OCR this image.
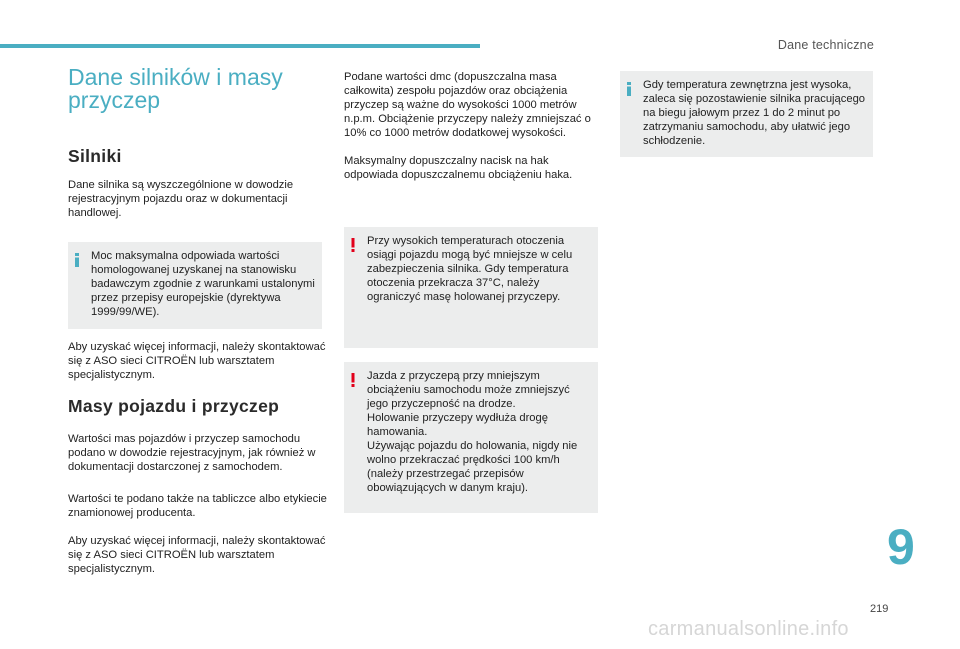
Dane techniczne
Dane silników i masy przyczep
Silniki

Dane silnika są wyszczególnione w dowodzie rejestracyjnym pojazdu oraz w dokumentacji handlowej.

Moc maksymalna odpowiada wartości homologowanej uzyskanej na stanowisku badawczym zgodnie z warunkami ustalonymi przez przepisy europejskie (dyrektywa 1999/99/WE).

Aby uzyskać więcej informacji, należy skontaktować się z ASO sieci CITROËN lub warsztatem specjalistycznym.

Masy pojazdu i przyczep

Wartości mas pojazdów i przyczep samochodu podano w dowodzie rejestracyjnym, jak również w dokumentacji dostarczonej z samochodem.

Wartości te podano także na tabliczce albo etykiecie znamionowej producenta.

Aby uzyskać więcej informacji, należy skontaktować się z ASO sieci CITROËN lub warsztatem specjalistycznym.

Podane wartości dmc (dopuszczalna masa całkowita) zespołu pojazdów oraz obciążenia przyczep są ważne do wysokości 1000 metrów n.p.m. Obciążenie przyczepy należy zmniejszać o 10% co 1000 metrów dodatkowej wysokości.

Maksymalny dopuszczalny nacisk na hak odpowiada dopuszczalnemu obciążeniu haka.

Przy wysokich temperaturach otoczenia osiągi pojazdu mogą być mniejsze w celu zabezpieczenia silnika. Gdy temperatura otoczenia przekracza 37°C, należy ograniczyć masę holowanej przyczepy.

Jazda z przyczepą przy mniejszym obciążeniu samochodu może zmniejszyć jego przyczepność na drodze.
Holowanie przyczepy wydłuża drogę hamowania.
Używając pojazdu do holowania, nigdy nie wolno przekraczać prędkości 100 km/h (należy przestrzegać przepisów obowiązujących w danym kraju).

Gdy temperatura zewnętrzna jest wysoka, zaleca się pozostawienie silnika pracującego na biegu jałowym przez 1 do 2 minut po zatrzymaniu samochodu, aby ułatwić jego schłodzenie.

9
219
carmanualsonline.info
